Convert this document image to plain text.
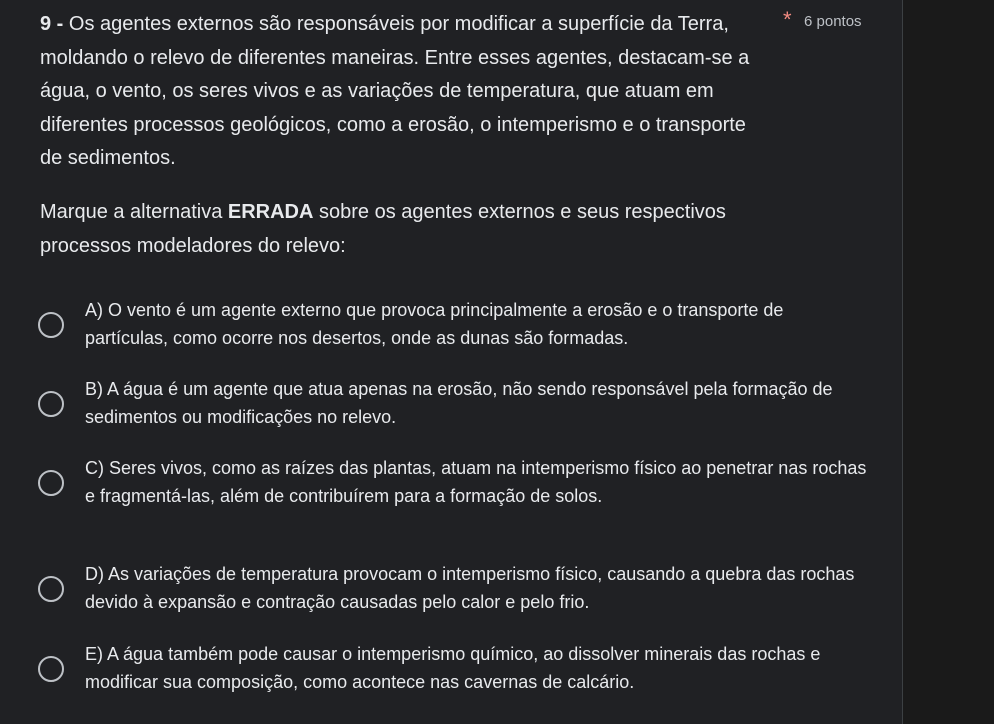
9 - Os agentes externos são responsáveis por modificar a superfície da Terra, moldando o relevo de diferentes maneiras. Entre esses agentes, destacam-se a água, o vento, os seres vivos e as variações de temperatura, que atuam em diferentes processos geológicos, como a erosão, o intemperismo e o transporte de sedimentos.

* 6 pontos

Marque a alternativa ERRADA sobre os agentes externos e seus respectivos processos modeladores do relevo:

A) O vento é um agente externo que provoca principalmente a erosão e o transporte de partículas, como ocorre nos desertos, onde as dunas são formadas.
B) A água é um agente que atua apenas na erosão, não sendo responsável pela formação de sedimentos ou modificações no relevo.
C) Seres vivos, como as raízes das plantas, atuam na intemperismo físico ao penetrar nas rochas e fragmentá-las, além de contribuírem para a formação de solos.
D) As variações de temperatura provocam o intemperismo físico, causando a quebra das rochas devido à expansão e contração causadas pelo calor e pelo frio.
E) A água também pode causar o intemperismo químico, ao dissolver minerais das rochas e modificar sua composição, como acontece nas cavernas de calcário.
